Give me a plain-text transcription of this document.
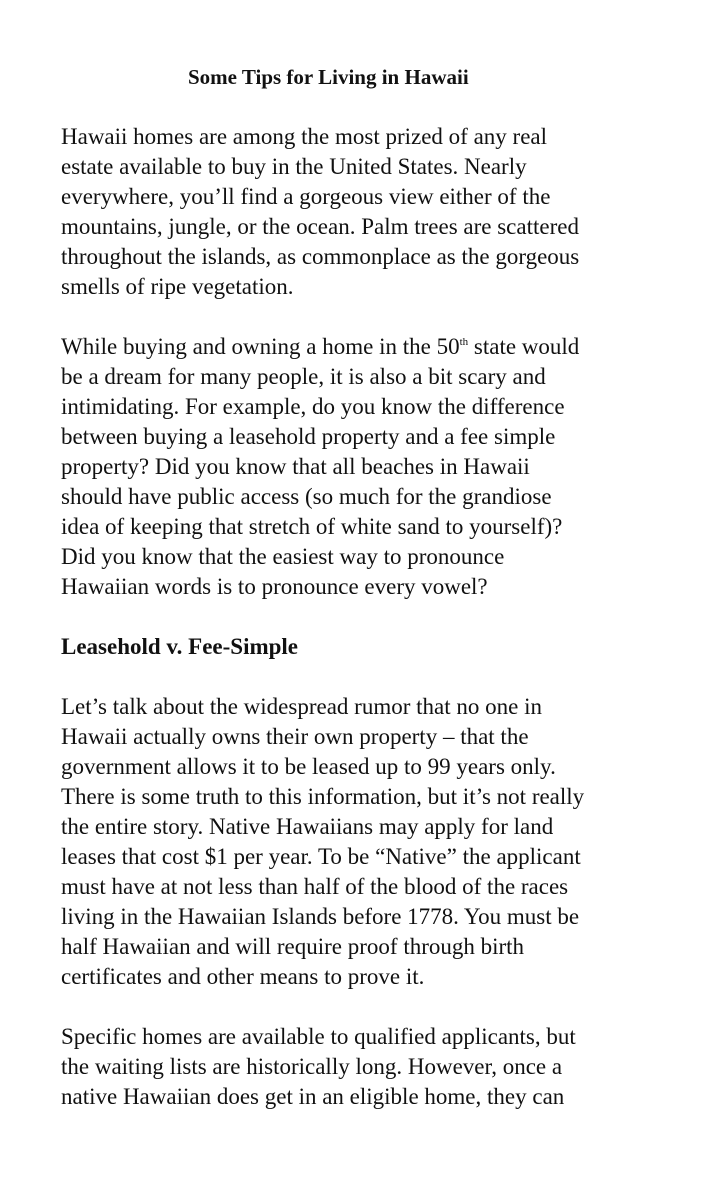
Some Tips for Living in Hawaii
Hawaii homes are among the most prized of any real
estate available to buy in the United States. Nearly
everywhere, you’ll find a gorgeous view either of the
mountains, jungle, or the ocean. Palm trees are scattered
throughout the islands, as commonplace as the gorgeous
smells of ripe vegetation.
While buying and owning a home in the 50th state would
be a dream for many people, it is also a bit scary and
intimidating. For example, do you know the difference
between buying a leasehold property and a fee simple
property? Did you know that all beaches in Hawaii
should have public access (so much for the grandiose
idea of keeping that stretch of white sand to yourself)?
Did you know that the easiest way to pronounce
Hawaiian words is to pronounce every vowel?
Leasehold v. Fee-Simple
Let’s talk about the widespread rumor that no one in
Hawaii actually owns their own property – that the
government allows it to be leased up to 99 years only.
There is some truth to this information, but it’s not really
the entire story. Native Hawaiians may apply for land
leases that cost $1 per year. To be “Native” the applicant
must have at not less than half of the blood of the races
living in the Hawaiian Islands before 1778. You must be
half Hawaiian and will require proof through birth
certificates and other means to prove it.
Specific homes are available to qualified applicants, but
the waiting lists are historically long. However, once a
native Hawaiian does get in an eligible home, they can
